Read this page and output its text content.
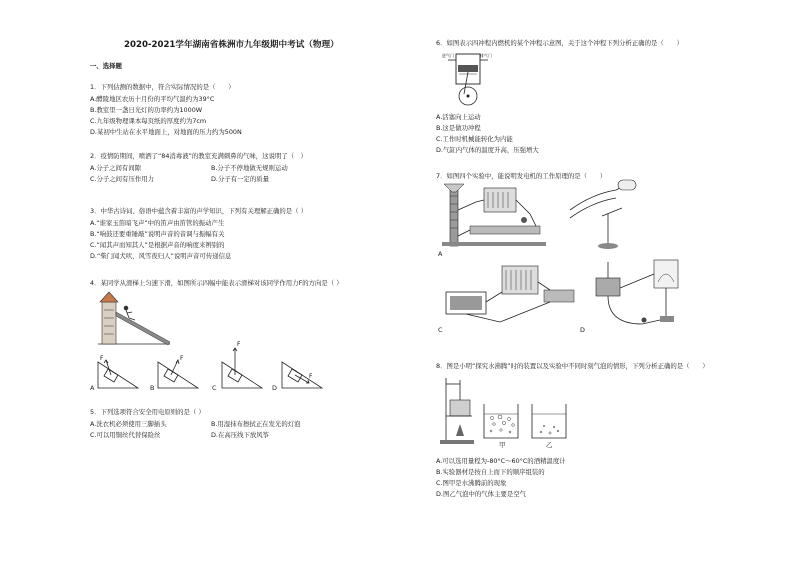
2020-2021学年湖南省株洲市九年级期中考试（物理）
一、选择题
1．下列估测的数据中，符合实际情况的是（　　）
A.醴陵地区农历十月份的平均气温约为39°C
B.教室里一盏日光灯的功率约为1000W
C.九年级物理课本每页纸的厚度约为7cm
D.某初中生站在水平地面上，对地面的压力约为500N
2．疫情防期间，喷洒了“84消毒液”的教室充满刺鼻的气味，这说明了（　）
A.分子之间有间隙	B.分子不停地做无规则运动
C.分子之间有压作用力	D.分子有一定的质量
3．中华古诗词、俗语中蕴含着丰富的声学知识，下列有关理解正确的是（ ）
A.“谁家玉笛暗飞声”中的笛声由笛管的振动产生
B.“响鼓还要重锤敲”说明声音的音调与振幅有关
C.“闻其声而知其人”是根据声音的响度来辨别的
D.“柴门闻犬吠，风雪夜归人”说明声音可传递信息
4．某同学从滑梯上匀速下滑，如图所示四幅中能表示滑梯对该同学作用力F的方向是（ ）
F
A
F
B
F
C
F
D
5．下列选项符合安全用电原则的是（ ）
A.洗衣机必须使用三脚插头	B.用湿抹布擦拭正在发光的灯泡
C.可以用铜丝代替保险丝	D.在高压线下放风筝
6．如图表示四冲程内燃机的某个冲程示意图，关于这个冲程下列分析正确的是（　　）
进气门	排气门
A.活塞向上运动
B.这是做功冲程
C.工作时机械能转化为内能
D.气缸内气体的温度升高，压强增大
7．如图四个实验中，能说明发电机的工作原理的是（　　）
A
C	D
8．图是小明“探究水沸腾”时的装置以及实验中不同时刻气泡的情形，下列分析正确的是（　　）
甲	乙
A.可以选用量程为-80°C～60°C的酒精温度计
B.实验器材是按自上而下的顺序组装的
C.图甲是水沸腾前的现象
D.图乙气泡中的气体主要是空气
